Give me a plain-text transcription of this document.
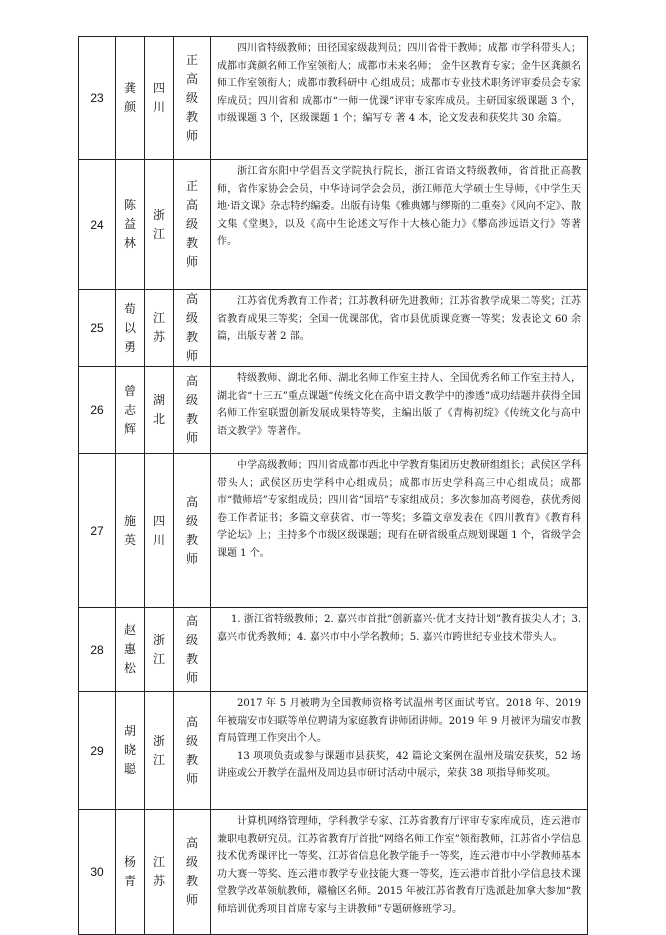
23	龚颜	四川	正高级教师	四川省特级教师；田径国家级裁判员；四川省骨干教师；成都 市学科带头人；成都市龚颜名师工作室领衔人；成都市未来名师； 金牛区教育专家；金牛区龚颜名师工作室领衔人；成都市教科研中 心组成员；成都市专业技术职务评审委员会专家库成员；四川省和 成都市“一师一优课”评审专家库成员。主研国家级课题 3 个，市级课题 3 个，区级课题 1 个；编写专 著 4 本，论文发表和获奖共 30 余篇。

24	陈益林	浙江	正高级教师	浙江省东阳中学倡吾文学院执行院长，浙江省语文特级教师，省首批正高教师，省作家协会会员，中华诗词学会会员，浙江师范大学硕士生导师，《中学生天地·语文课》杂志特约编委。出版有诗集《雅典娜与缪斯的二重奏》《风向不定》、散文集《堂奥》，以及《高中生论述文写作十大核心能力》《攀高涉远语文行》等著作。

25	荀以勇	江苏	高级教师	江苏省优秀教育工作者；江苏教科研先进教师；江苏省教学成果二等奖；江苏省教育成果三等奖；全国一优课部优，省市县优质课竞赛一等奖；发表论文 60 余篇，出版专著 2 部。

26	曾志辉	湖北	高级教师	特级教师、湖北名师、湖北名师工作室主持人、全国优秀名师工作室主持人，湖北省“十三五”重点课题“传统文化在高中语文教学中的渗透”成功结题并获得全国名师工作室联盟创新发展成果特等奖，主编出版了《青梅初绽》《传统文化与高中语文教学》等著作。

27	施英	四川	高级教师	中学高级教师；四川省成都市西北中学教育集团历史教研组组长；武侯区学科带头人；武侯区历史学科中心组成员；成都市历史学科高三中心组成员；成都市“微师培”专家组成员；四川省“国培”专家组成员；多次参加高考阅卷，获优秀阅卷工作者证书；多篇文章获省、市一等奖；多篇文章发表在《四川教育》《教育科学论坛》上；主持多个市级区级课题；现有在研省级重点规划课题 1 个，省级学会课题 1 个。

28	赵惠松	浙江	高级教师	1. 浙江省特级教师；2. 嘉兴市首批“创新嘉兴·优才支持计划”教育拔尖人才；3. 嘉兴市优秀教师；4. 嘉兴市中小学名教师；5. 嘉兴市跨世纪专业技术带头人。

29	胡晓聪	浙江	高级教师	2017 年 5 月被聘为全国教师资格考试温州考区面试考官。2018 年、2019 年被瑞安市妇联等单位聘请为家庭教育讲师团讲师。2019 年 9 月被评为瑞安市教育局管理工作突出个人。

13 项项负责或参与课题市县获奖，42 篇论文案例在温州及瑞安获奖，52 场讲座或公开教学在温州及周边县市研讨活动中展示，荣获 38 项指导师奖项。

30	杨青	江苏	高级教师	计算机网络管理师，学科教学专家、江苏省教育厅评审专家库成员，连云港市兼职电教研究员。江苏省教育厅首批“网络名师工作室”领衔教师，江苏省小学信息技术优秀课评比一等奖、江苏省信息化教学能手一等奖，连云港市中小学教师基本功大赛一等奖、连云港市教学专业技能大赛一等奖，连云港市首批小学信息技术课堂教学改革领航教师，赣榆区名师。2015 年被江苏省教育厅选派赴加拿大参加“教师培训优秀项目首席专家与主讲教师”专题研修班学习。
